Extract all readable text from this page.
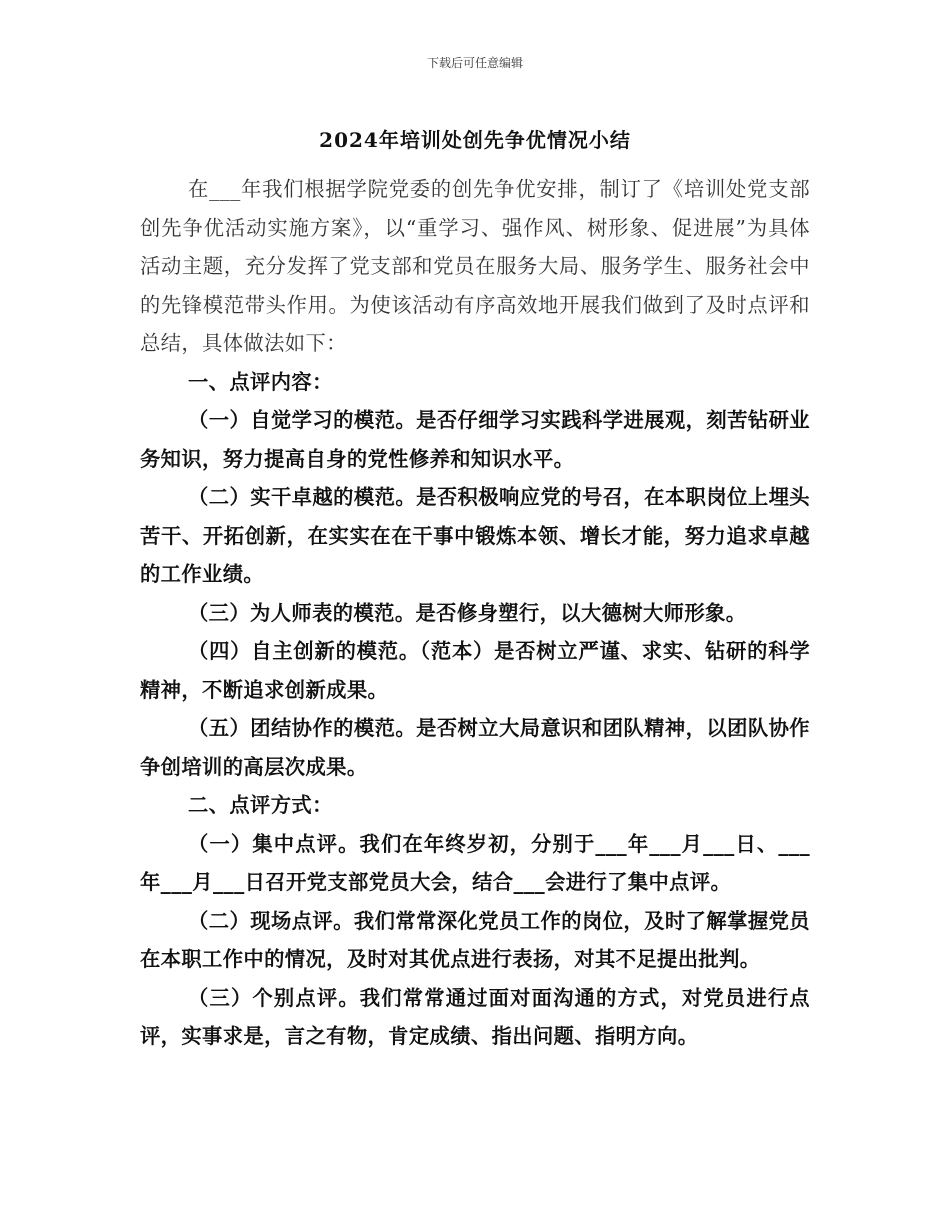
下载后可任意编辑
2024年培训处创先争优情况小结

在___年我们根据学院党委的创先争优安排，制订了《培训处党支部创先争优活动实施方案》，以“重学习、强作风、树形象、促进展”为具体活动主题，充分发挥了党支部和党员在服务大局、服务学生、服务社会中的先锋模范带头作用。为使该活动有序高效地开展我们做到了及时点评和总结，具体做法如下：

一、点评内容：

（一）自觉学习的模范。是否仔细学习实践科学进展观，刻苦钻研业务知识，努力提高自身的党性修养和知识水平。

（二）实干卓越的模范。是否积极响应党的号召，在本职岗位上埋头苦干、开拓创新，在实实在在干事中锻炼本领、增长才能，努力追求卓越的工作业绩。

（三）为人师表的模范。是否修身塑行，以大德树大师形象。

（四）自主创新的模范。（范本）是否树立严谨、求实、钻研的科学精神，不断追求创新成果。

（五）团结协作的模范。是否树立大局意识和团队精神，以团队协作争创培训的高层次成果。

二、点评方式：

（一）集中点评。我们在年终岁初，分别于___年___月___日、___年___月___日召开党支部党员大会，结合___会进行了集中点评。

（二）现场点评。我们常常深化党员工作的岗位，及时了解掌握党员在本职工作中的情况，及时对其优点进行表扬，对其不足提出批判。

（三）个别点评。我们常常通过面对面沟通的方式，对党员进行点评，实事求是，言之有物，肯定成绩、指出问题、指明方向。
